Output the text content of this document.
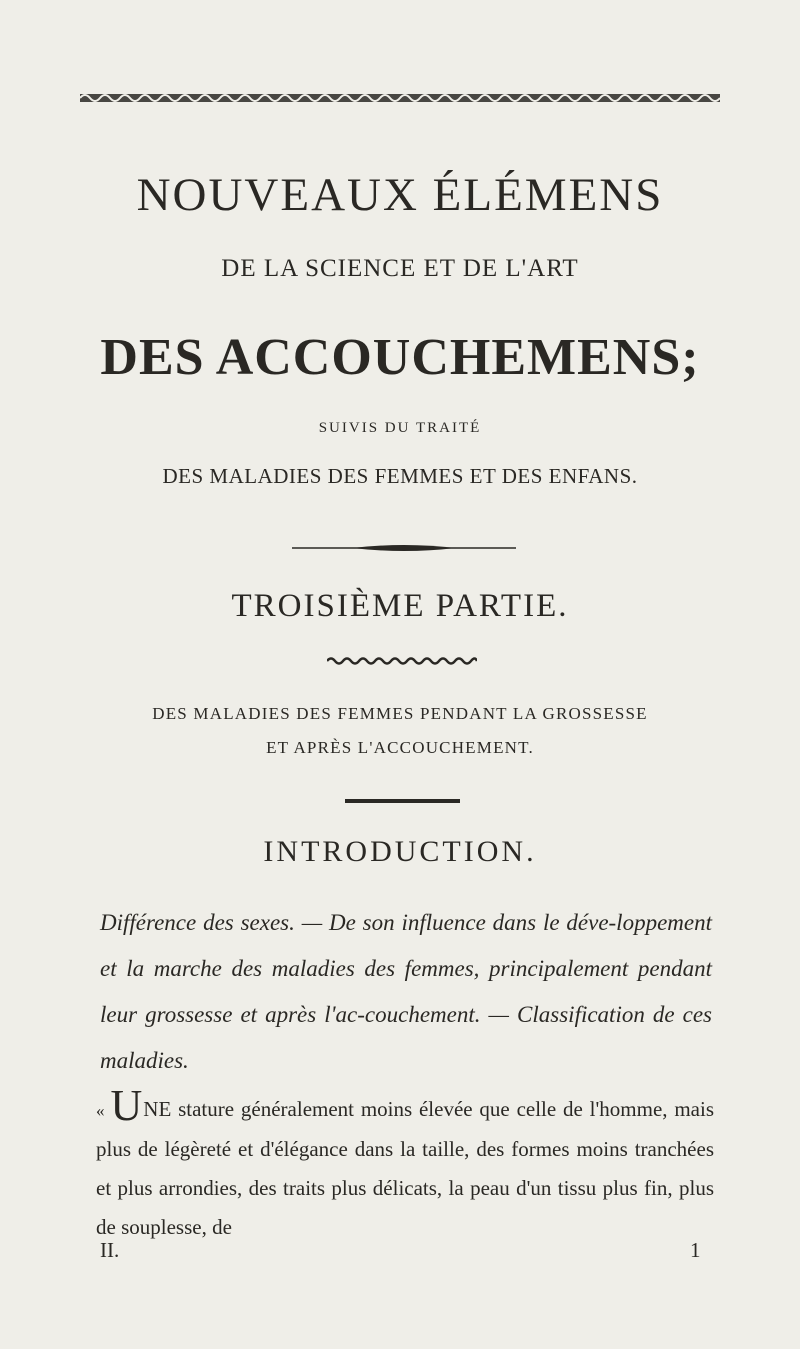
NOUVEAUX ÉLÉMENS
DE LA SCIENCE ET DE L'ART
DES ACCOUCHEMENS;
SUIVIS DU TRAITÉ
DES MALADIES DES FEMMES ET DES ENFANS.
TROISIÈME PARTIE.
DES MALADIES DES FEMMES PENDANT LA GROSSESSE
ET APRÈS L'ACCOUCHEMENT.
INTRODUCTION.
Différence des sexes. — De son influence dans le déve-loppement et la marche des maladies des femmes, principalement pendant leur grossesse et après l'ac-couchement. — Classification de ces maladies.
« UNE stature généralement moins élevée que celle de l'homme, mais plus de légèreté et d'élégance dans la taille, des formes moins tranchées et plus arrondies, des traits plus délicats, la peau d'un tissu plus fin, plus de souplesse, de
II.	1
